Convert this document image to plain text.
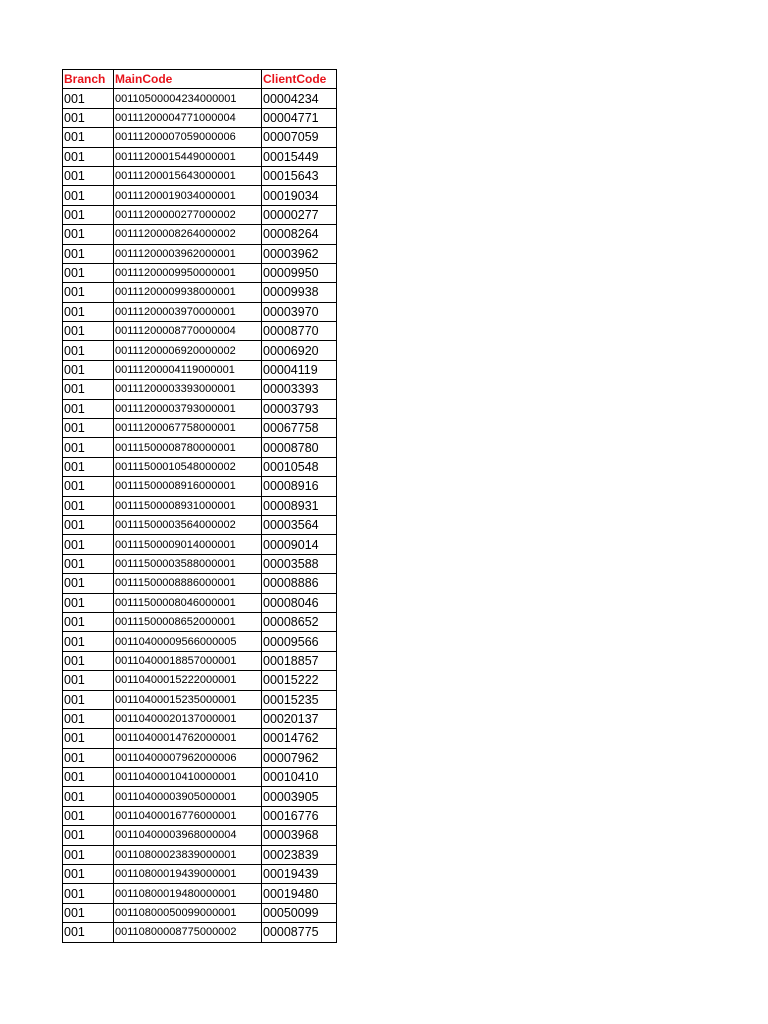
Branch	MainCode	ClientCode
001	00110500004234000001	00004234
001	00111200004771000004	00004771
001	00111200007059000006	00007059
001	00111200015449000001	00015449
001	00111200015643000001	00015643
001	00111200019034000001	00019034
001	00111200000277000002	00000277
001	00111200008264000002	00008264
001	00111200003962000001	00003962
001	00111200009950000001	00009950
001	00111200009938000001	00009938
001	00111200003970000001	00003970
001	00111200008770000004	00008770
001	00111200006920000002	00006920
001	00111200004119000001	00004119
001	00111200003393000001	00003393
001	00111200003793000001	00003793
001	00111200067758000001	00067758
001	00111500008780000001	00008780
001	00111500010548000002	00010548
001	00111500008916000001	00008916
001	00111500008931000001	00008931
001	00111500003564000002	00003564
001	00111500009014000001	00009014
001	00111500003588000001	00003588
001	00111500008886000001	00008886
001	00111500008046000001	00008046
001	00111500008652000001	00008652
001	00110400009566000005	00009566
001	00110400018857000001	00018857
001	00110400015222000001	00015222
001	00110400015235000001	00015235
001	00110400020137000001	00020137
001	00110400014762000001	00014762
001	00110400007962000006	00007962
001	00110400010410000001	00010410
001	00110400003905000001	00003905
001	00110400016776000001	00016776
001	00110400003968000004	00003968
001	00110800023839000001	00023839
001	00110800019439000001	00019439
001	00110800019480000001	00019480
001	00110800050099000001	00050099
001	00110800008775000002	00008775
